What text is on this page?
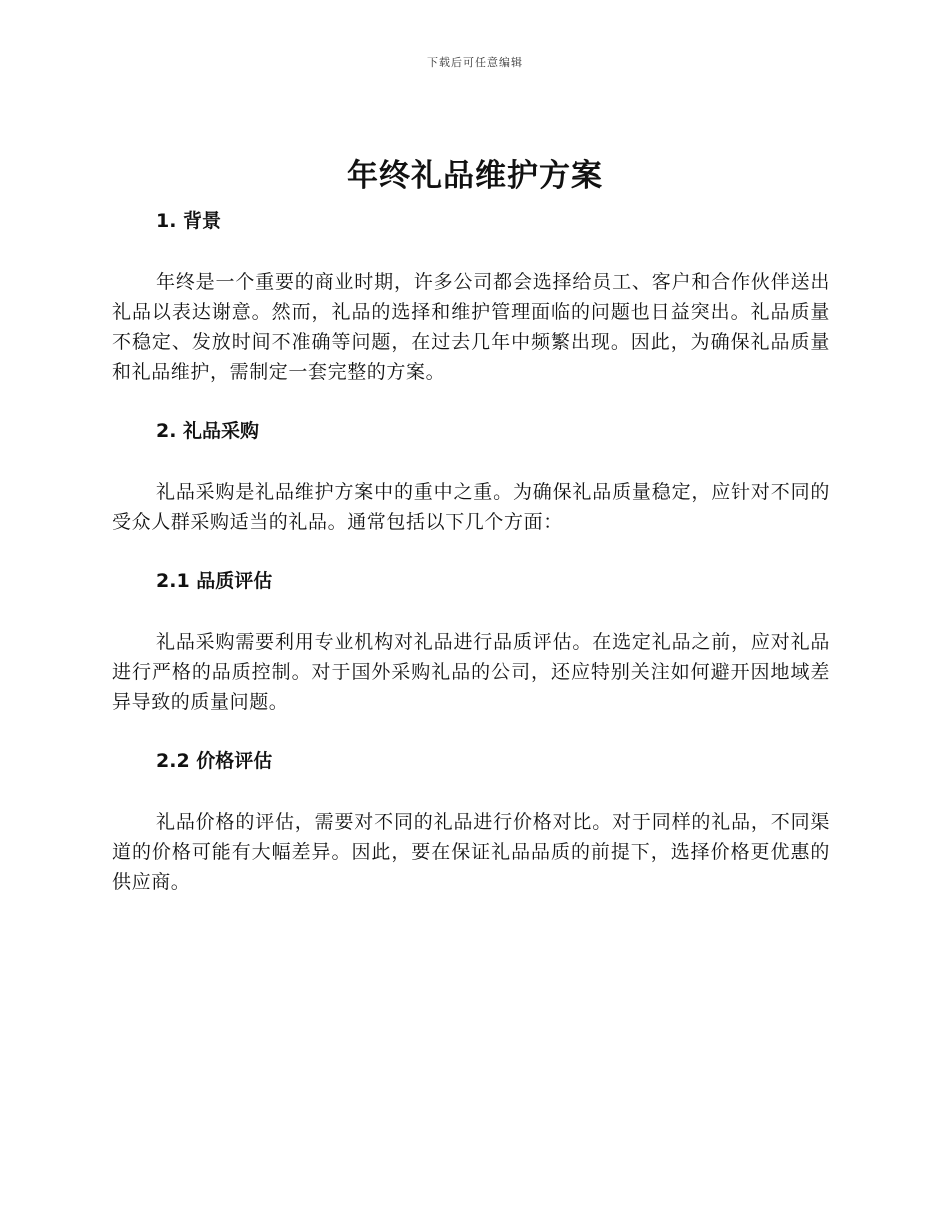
下载后可任意编辑
年终礼品维护方案
1. 背景

年终是一个重要的商业时期，许多公司都会选择给员工、客户和合作伙伴送出礼品以表达谢意。然而，礼品的选择和维护管理面临的问题也日益突出。礼品质量不稳定、发放时间不准确等问题，在过去几年中频繁出现。因此，为确保礼品质量和礼品维护，需制定一套完整的方案。

2. 礼品采购

礼品采购是礼品维护方案中的重中之重。为确保礼品质量稳定，应针对不同的受众人群采购适当的礼品。通常包括以下几个方面：

2.1 品质评估

礼品采购需要利用专业机构对礼品进行品质评估。在选定礼品之前，应对礼品进行严格的品质控制。对于国外采购礼品的公司，还应特别关注如何避开因地域差异导致的质量问题。

2.2 价格评估

礼品价格的评估，需要对不同的礼品进行价格对比。对于同样的礼品，不同渠道的价格可能有大幅差异。因此，要在保证礼品品质的前提下，选择价格更优惠的供应商。
